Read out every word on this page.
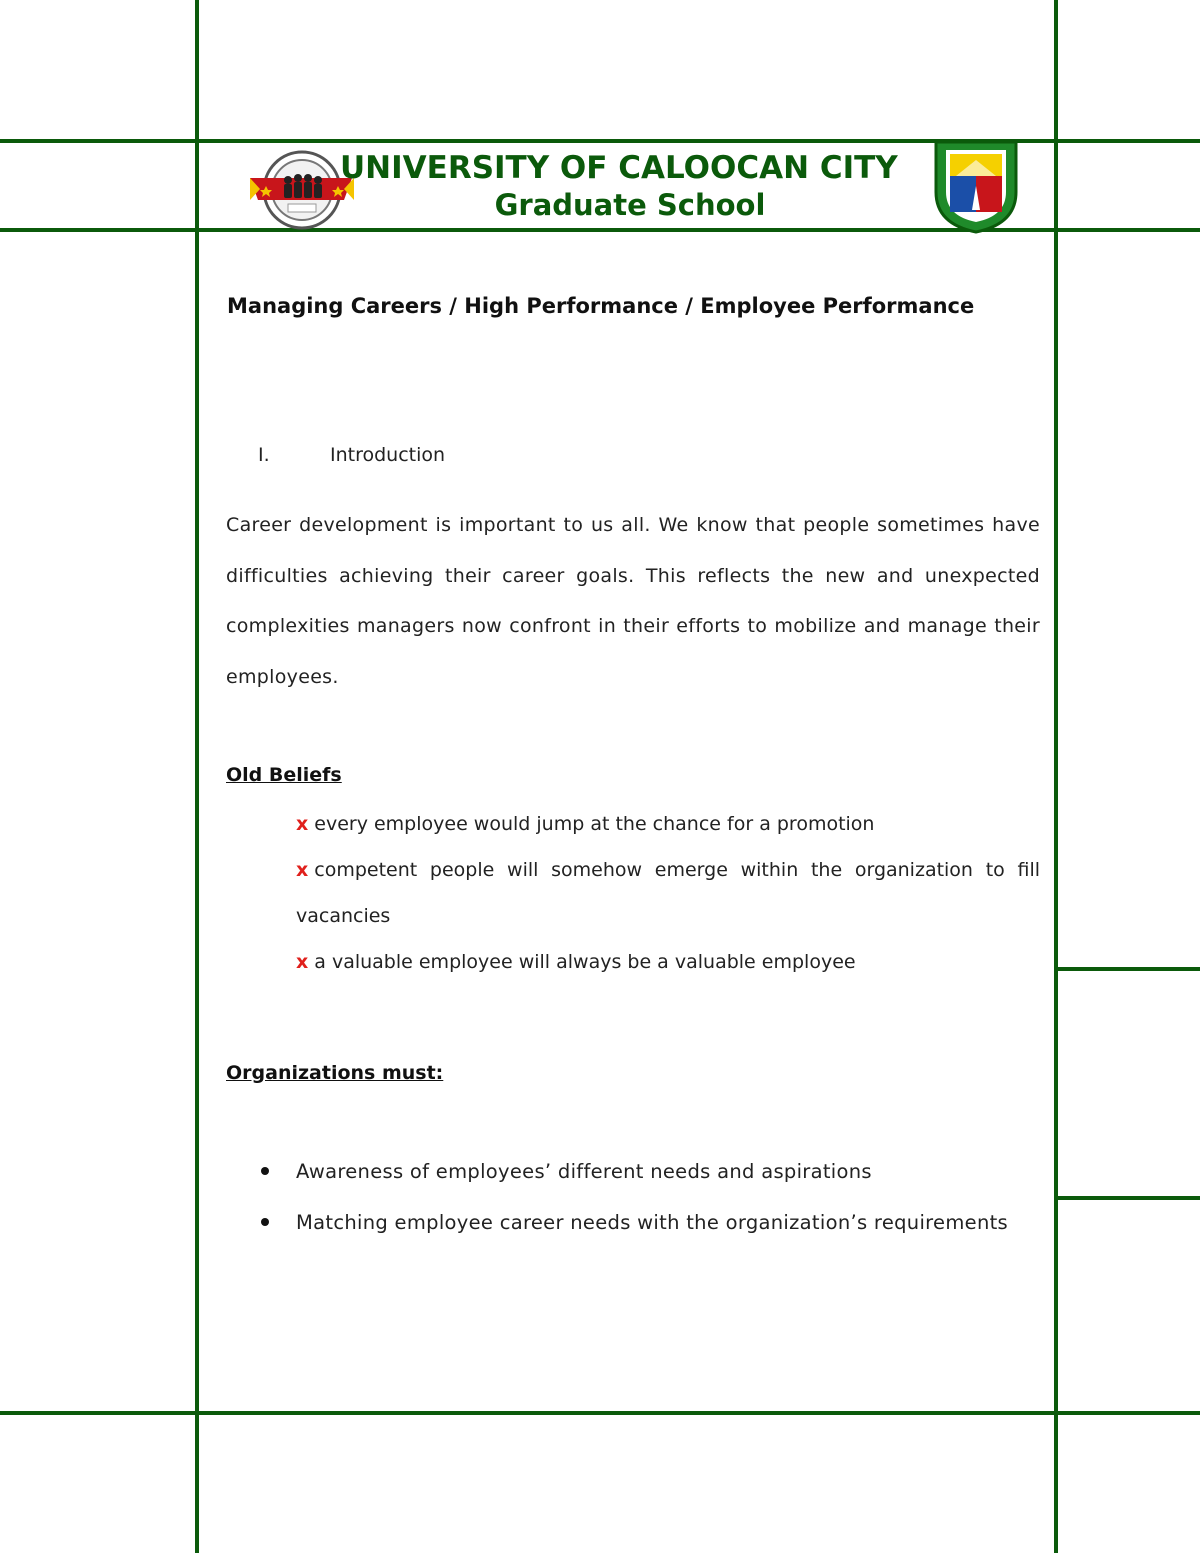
UNIVERSITY OF CALOOCAN CITY
Graduate School
Managing Careers / High Performance / Employee Performance
I.	Introduction
Career development is important to us all. We know that people sometimes have difficulties achieving their career goals. This reflects the new and unexpected complexities managers now confront in their efforts to mobilize and manage their employees.
Old Beliefs
x every employee would jump at the chance for a promotion
x competent people will somehow emerge within the organization to fill vacancies
x a valuable employee will always be a valuable employee
Organizations must:
Awareness of employees’ different needs and aspirations
Matching employee career needs with the organization’s requirements
